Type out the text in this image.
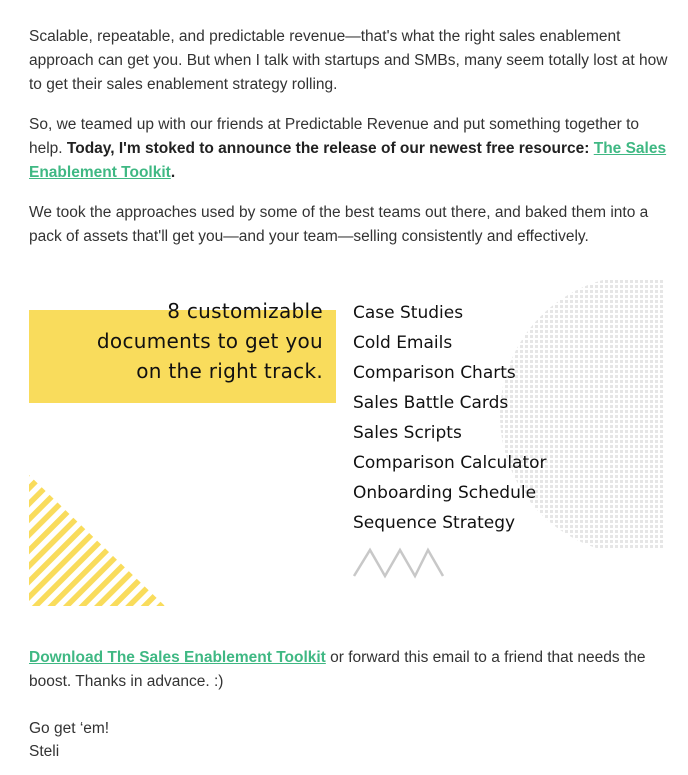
Scalable, repeatable, and predictable revenue—that's what the right sales enablement approach can get you. But when I talk with startups and SMBs, many seem totally lost at how to get their sales enablement strategy rolling.

So, we teamed up with our friends at Predictable Revenue and put something together to help. Today, I'm stoked to announce the release of our newest free resource: The Sales Enablement Toolkit.

We took the approaches used by some of the best teams out there, and baked them into a pack of assets that'll get you—and your team—selling consistently and effectively.

8 customizable
documents to get you
on the right track.
Case Studies
Cold Emails
Comparison Charts
Sales Battle Cards
Sales Scripts
Comparison Calculator
Onboarding Schedule
Sequence Strategy

Download The Sales Enablement Toolkit or forward this email to a friend that needs the boost. Thanks in advance. :)

Go get ‘em!

Steli
